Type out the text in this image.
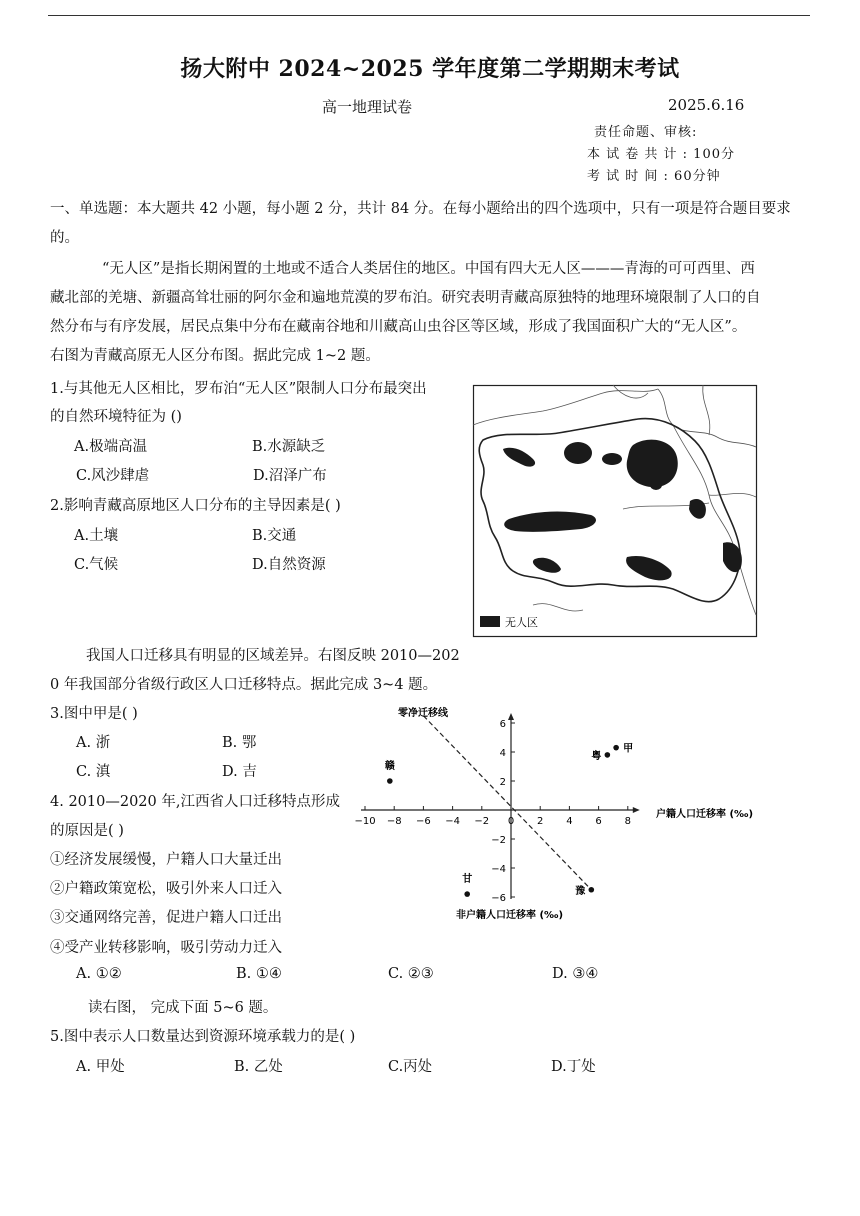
扬大附中 2024~2025 学年度第二学期期末考试
高一地理试卷	2025.6.16
责任命题、审核:
本 试 卷 共 计 : 100分
考 试 时 间 : 60分钟
一、单选题：本大题共 42 小题，每小题 2 分，共计 84 分。在每小题给出的四个选项中，只有一项是符合题目要求的。
“无人区”是指长期闲置的土地或不适合人类居住的地区。中国有四大无人区———青海的可可西里、西
藏北部的羌塘、新疆高耸壮丽的阿尔金和遍地荒漠的罗布泊。研究表明青藏高原独特的地理环境限制了人口的自
然分布与有序发展，居民点集中分布在藏南谷地和川藏高山虫谷区等区域，形成了我国面积广大的“无人区”。
右图为青藏高原无人区分布图。据此完成 1~2 题。
1.与其他无人区相比，罗布泊“无人区”限制人口分布最突出
的自然环境特征为 ()
A.极端高温	B.水源缺乏
C.风沙肆虐	D.沼泽广布
2.影响青藏高原地区人口分布的主导因素是( )
A.土壤	B.交通
C.气候	D.自然资源
无人区
我国人口迁移具有明显的区域差异。右图反映 2010—202
0 年我国部分省级行政区人口迁移特点。据此完成 3~4 题。
3.图中甲是( )
A. 浙	B. 鄂
C. 滇	D. 吉
4. 2010—2020 年,江西省人口迁移特点形成
的原因是( )
①经济发展缓慢，户籍人口大量迁出
②户籍政策宽松，吸引外来人口迁入
③交通网络完善，促进户籍人口迁出
④受产业转移影响，吸引劳动力迁入
A. ①②	B. ①④	C. ②③	D. ③④
读右图， 完成下面 5~6 题。
5.图中表示人口数量达到资源环境承载力的是( )
A. 甲处	B. 乙处	C.丙处	D.丁处
−10 −8 −6 −4 −2 0 2 4 6 8
−6
−4
−2
2
4
6
甲
粤
赣
甘
豫
户籍人口迁移率 (‰)
非户籍人口迁移率 (‰)
零净迁移线
